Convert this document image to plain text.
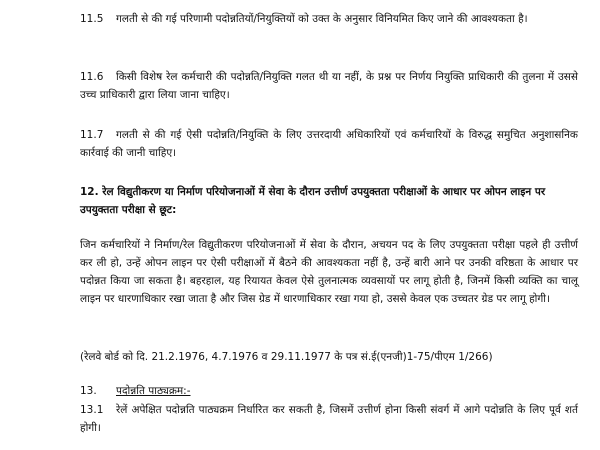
11.5 गलती से की गई परिणामी पदोन्नतियों/नियुक्तियों को उक्त के अनुसार विनियमित किए जाने की आवश्यकता है।
11.6 किसी विशेष रेल कर्मचारी की पदोन्नति/नियुक्ति गलत थी या नहीं, के प्रश्न पर निर्णय नियुक्ति प्राधिकारी की तुलना में उससे उच्च प्राधिकारी द्वारा लिया जाना चाहिए।
11.7 गलती से की गई ऐसी पदोन्नति/नियुक्ति के लिए उत्तरदायी अधिकारियों एवं कर्मचारियों के विरुद्ध समुचित अनुशासनिक कार्रवाई की जानी चाहिए।
12. रेल विद्युतीकरण या निर्माण परियोजनाओं में सेवा के दौरान उत्तीर्ण उपयुक्तता परीक्षाओं के आधार पर ओपन लाइन पर उपयुक्तता परीक्षा से छूट:
जिन कर्मचारियों ने निर्माण/रेल विद्युतीकरण परियोजनाओं में सेवा के दौरान, अचयन पद के लिए उपयुक्तता परीक्षा पहले ही उत्तीर्ण कर ली हो, उन्हें ओपन लाइन पर ऐसी परीक्षाओं में बैठने की आवश्यकता नहीं है, उन्हें बारी आने पर उनकी वरिष्ठता के आधार पर पदोन्नत किया जा सकता है। बहरहाल, यह रियायत केवल ऐसे तुलनात्मक व्यवसायों पर लागू होती है, जिनमें किसी व्यक्ति का चालू लाइन पर धारणाधिकार रखा जाता है और जिस ग्रेड में धारणाधिकार रखा गया हो, उससे केवल एक उच्चतर ग्रेड पर लागू होगी।
(रेलवे बोर्ड को दि. 21.2.1976, 4.7.1976 व 29.11.1977 के पत्र सं.ई(एनजी)1-75/पीएम 1/266)
13. पदोन्नति पाठ्यक्रम:-
13.1 रेलें अपेक्षित पदोन्नति पाठ्यक्रम निर्धारित कर सकती है, जिसमें उत्तीर्ण होना किसी संवर्ग में आगे पदोन्नति के लिए पूर्व शर्त होगी।
